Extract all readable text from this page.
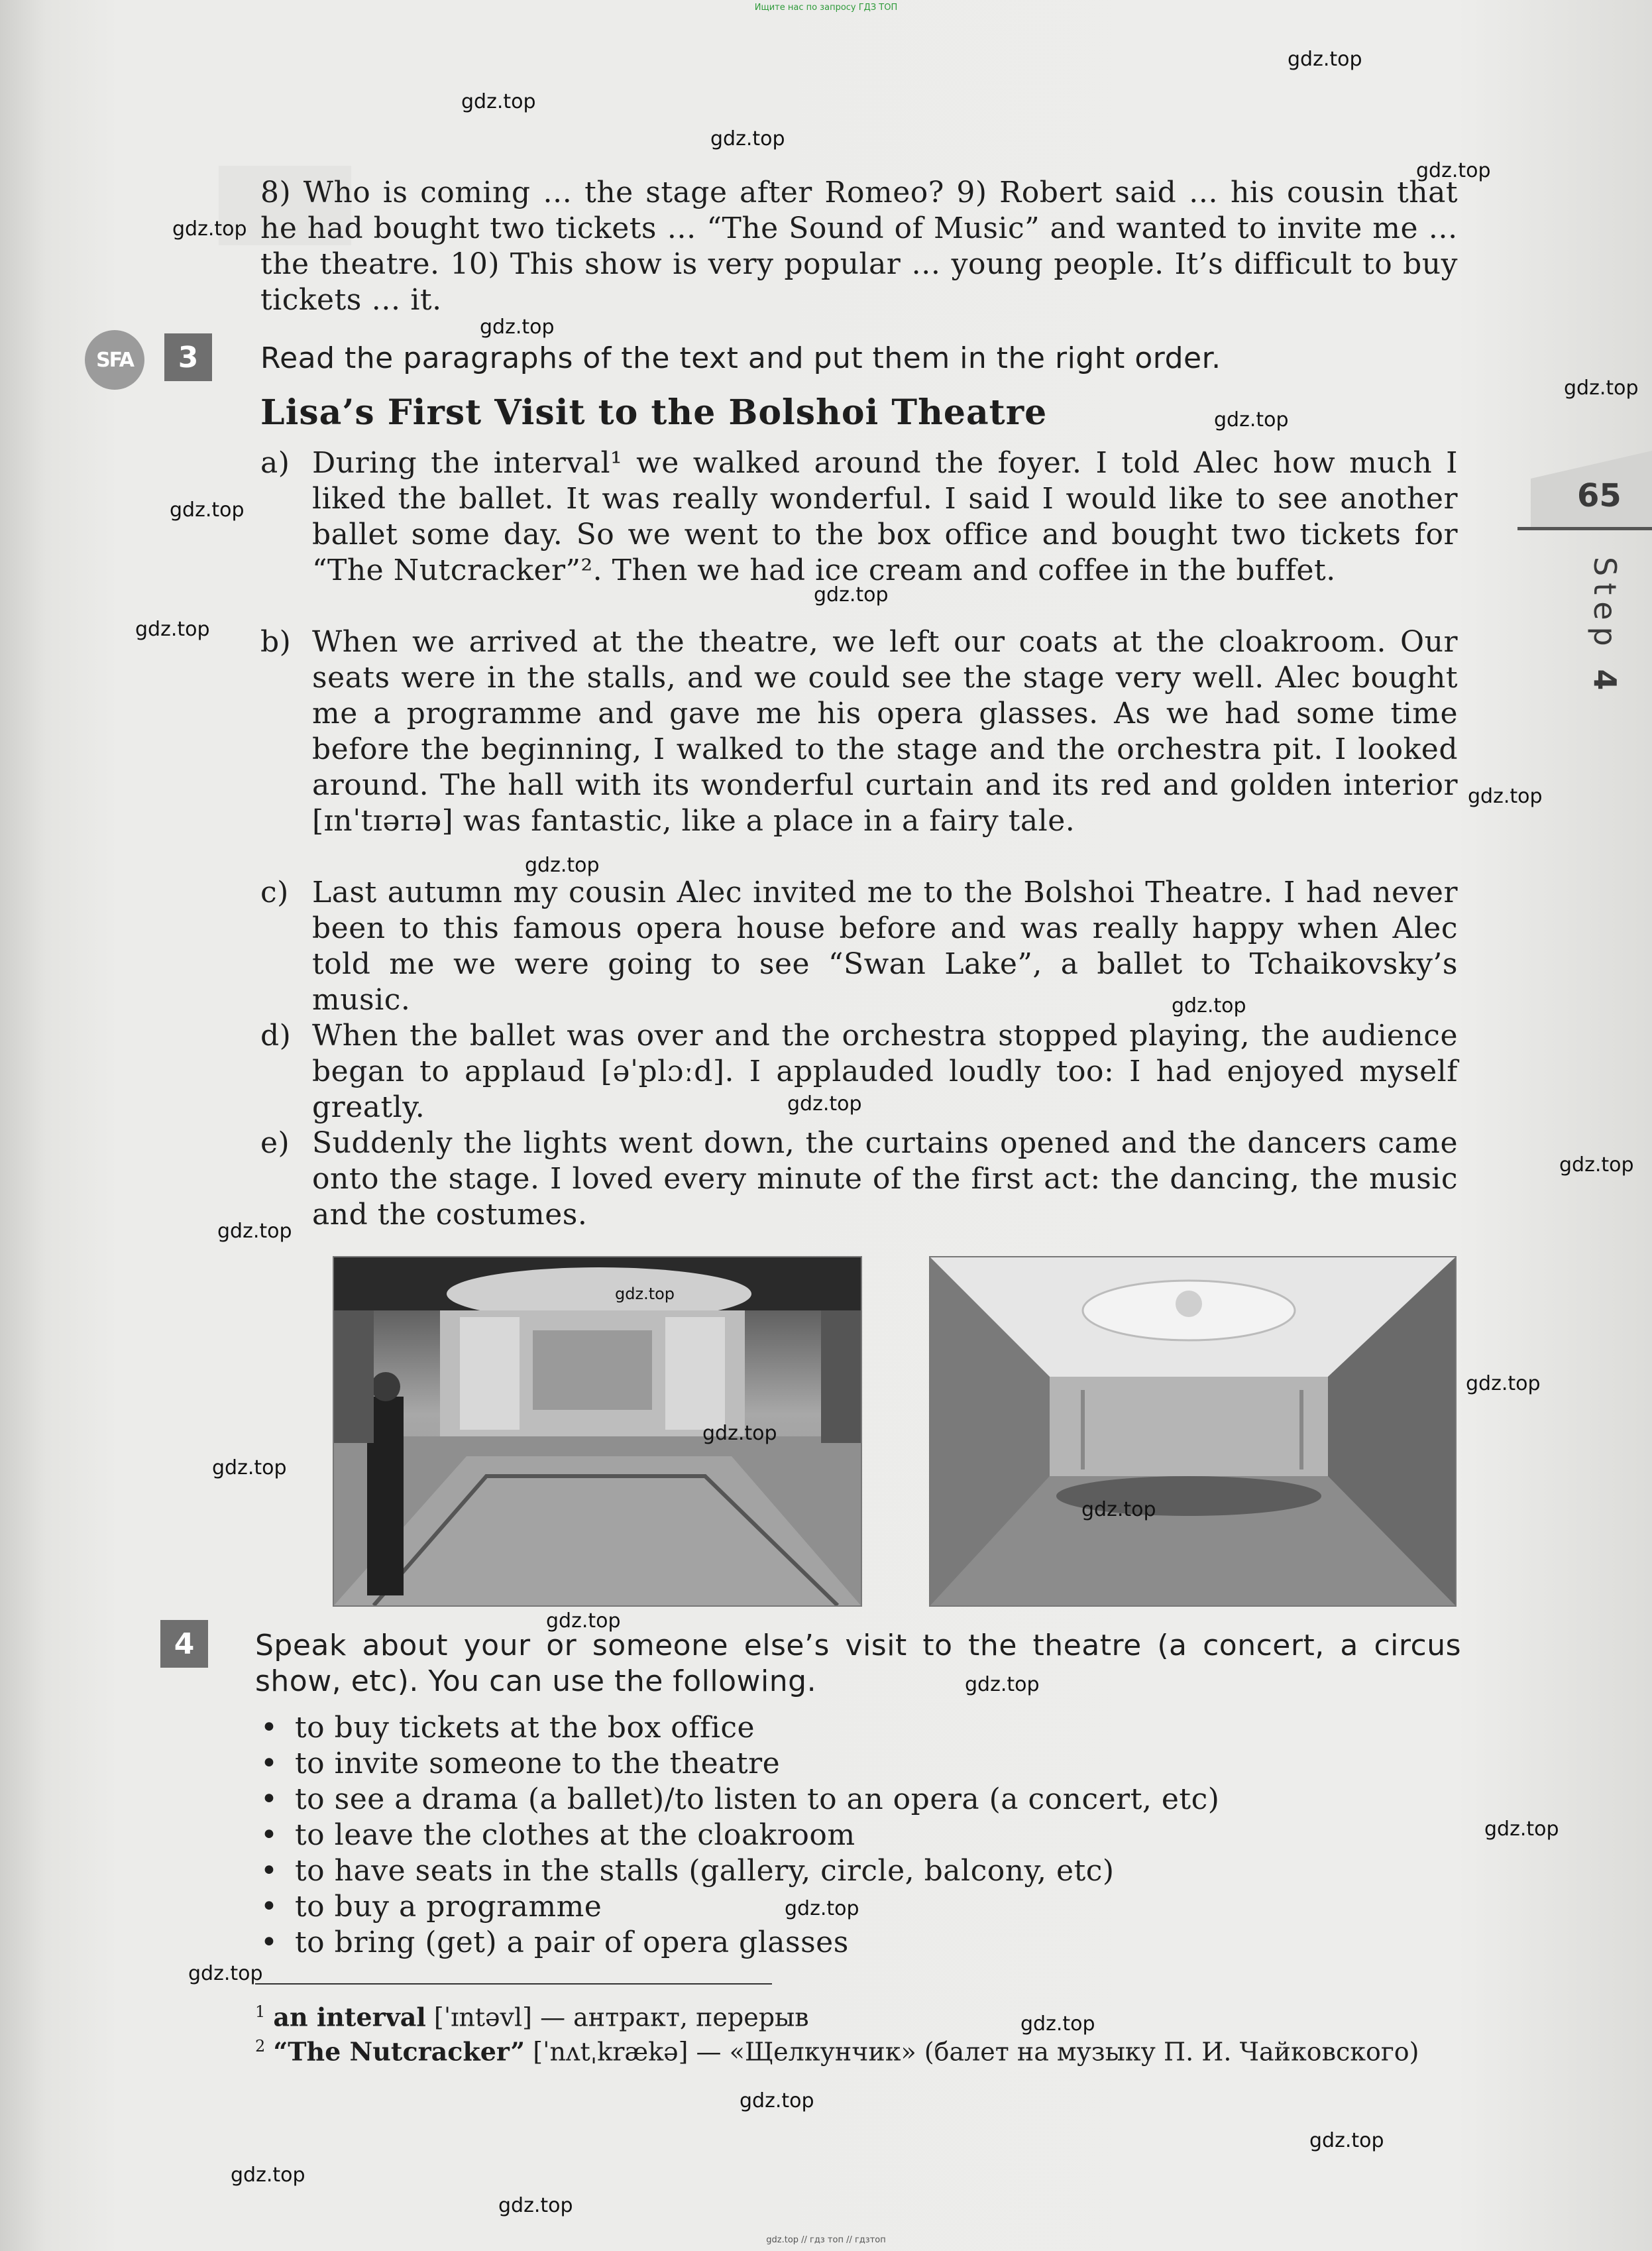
Ищите нас по запросу ГДЗ ТОП
65
Step 4
8) Who is coming … the stage after Romeo? 9) Robert said … his cousin that he had bought two tickets … “The Sound of Music” and wanted to invite me … the theatre. 10) This show is very popular … young people. It’s difficult to buy tickets … it.
SFA	3	Read the paragraphs of the text and put them in the right order.
Lisa’s First Visit to the Bolshoi Theatre
a) During the interval¹ we walked around the foyer. I told Alec how much I liked the ballet. It was really wonderful. I said I would like to see another ballet some day. So we went to the box office and bought two tickets for “The Nutcracker”². Then we had ice cream and coffee in the buffet.
b) When we arrived at the theatre, we left our coats at the cloakroom. Our seats were in the stalls, and we could see the stage very well. Alec bought me a programme and gave me his opera glasses. As we had some time before the beginning, I walked to the stage and the orchestra pit. I looked around. The hall with its wonderful curtain and its red and golden interior [ɪnˈtɪərɪə] was fantastic, like a place in a fairy tale.
c) Last autumn my cousin Alec invited me to the Bolshoi Theatre. I had never been to this famous opera house before and was really happy when Alec told me we were going to see “Swan Lake”, a ballet to Tchaikovsky’s music.
d) When the ballet was over and the orchestra stopped playing, the audience began to applaud [əˈplɔːd]. I applauded loudly too: I had enjoyed myself greatly.
e) Suddenly the lights went down, the curtains opened and the dancers came onto the stage. I loved every minute of the first act: the dancing, the music and the costumes.
4	Speak about your or someone else’s visit to the theatre (a concert, a circus show, etc). You can use the following.
• to buy tickets at the box office
• to invite someone to the theatre
• to see a drama (a ballet)/to listen to an opera (a concert, etc)
• to leave the clothes at the cloakroom
• to have seats in the stalls (gallery, circle, balcony, etc)
• to buy a programme
• to bring (get) a pair of opera glasses
$^1$ an interval [ˈɪntəvl] — антракт, перерыв
$^2$ “The Nutcracker” [ˈnʌtˌkrækə] — «Щелкунчик» (балет на музыку П. И. Чайковского)
gdz.top
gdz.top
gdz.top
gdz.top
gdz.top
gdz.top
gdz.top
gdz.top
gdz.top
gdz.top
gdz.top
gdz.top
gdz.top
gdz.top
gdz.top
gdz.top
gdz.top
gdz.top
gdz.top
gdz.top
gdz.top
gdz.top
gdz.top
gdz.top
gdz.top
gdz.top
gdz.top
gdz.top
gdz.top
gdz.top
gdz.top
gdz.top
gdz.top // гдз топ // гдзтоп
